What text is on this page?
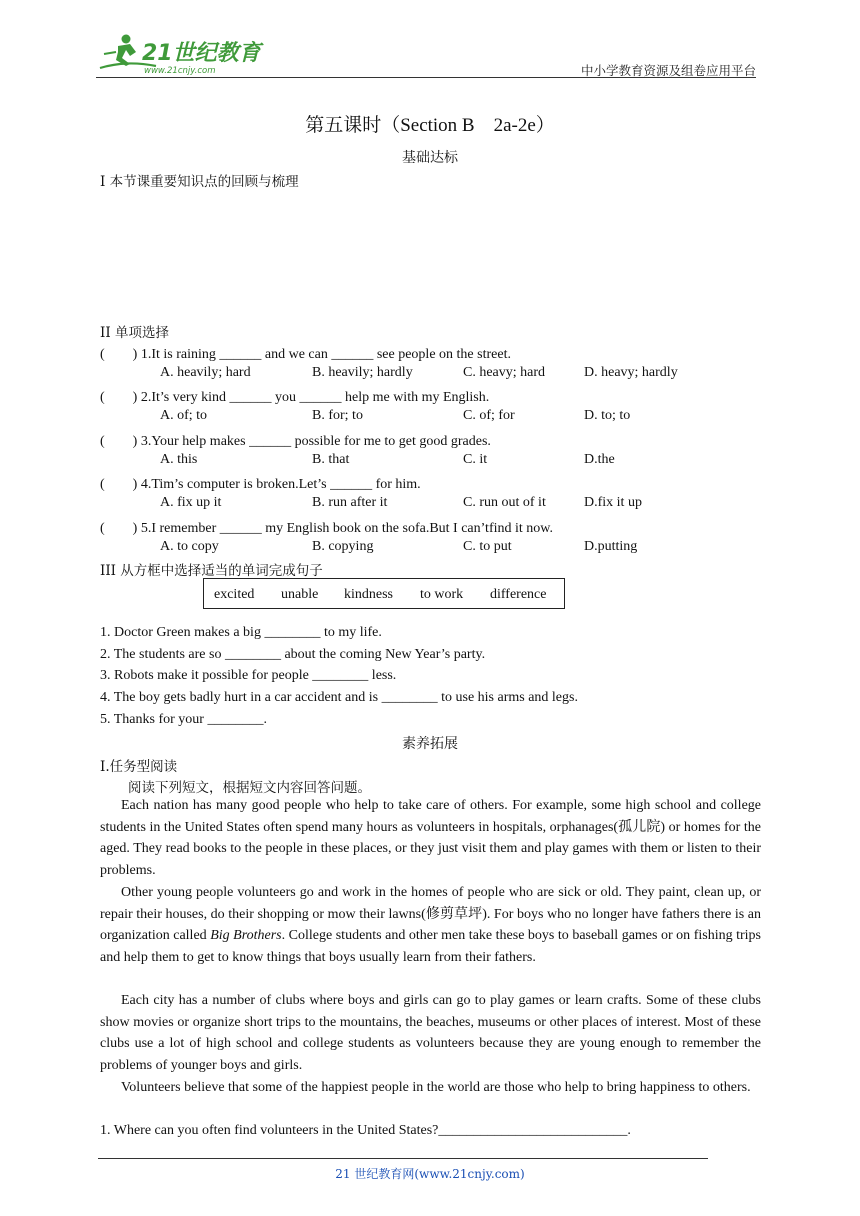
21世纪教育
www.21cnjy.com	中小学教育资源及组卷应用平台
第五课时（Section B　2a-2e）
基础达标
I 本节课重要知识点的回顾与梳理
II 单项选择
(　　) 1.It is raining ______ and we can ______ see people on the street.
A. heavily; hard	B. heavily; hardly	C. heavy; hard	D. heavy; hardly
(　　) 2.It’s very kind ______ you ______ help me with my English.
A. of; to	B. for; to	C. of; for	D. to; to
(　　) 3.Your help makes ______ possible for me to get good grades.
A. this	B. that	C. it	D.the
(　　) 4.Tim’s computer is broken.Let’s ______ for him.
A. fix up it	B. run after it	C. run out of it	D.fix it up
(　　) 5.I remember ______ my English book on the sofa.But I can’tfind it now.
A. to copy	B. copying	C. to put	D.putting
III 从方框中选择适当的单词完成句子
excited unable kindness to work difference
1. Doctor Green makes a big ________ to my life.
2. The students are so ________ about the coming New Year’s party.
3. Robots make it possible for people ________ less.
4. The boy gets badly hurt in a car accident and is ________ to use his arms and legs.
5. Thanks for your ________.
素养拓展
I.任务型阅读
阅读下列短文，根据短文内容回答问题。
Each nation has many good people who help to take care of others. For example, some high school and college students in the United States often spend many hours as volunteers in hospitals, orphanages(孤儿院) or homes for the aged. They read books to the people in these places, or they just visit them and play games with them or listen to their problems.
Other young people volunteers go and work in the homes of people who are sick or old. They paint, clean up, or repair their houses, do their shopping or mow their lawns(修剪草坪). For boys who no longer have fathers there is an organization called Big Brothers. College students and other men take these boys to baseball games or on fishing trips and help them to get to know things that boys usually learn from their fathers.
Each city has a number of clubs where boys and girls can go to play games or learn crafts. Some of these clubs show movies or organize short trips to the mountains, the beaches, museums or other places of interest. Most of these clubs use a lot of high school and college students as volunteers because they are young enough to remember the problems of younger boys and girls.
Volunteers believe that some of the happiest people in the world are those who help to bring happiness to others.
1. Where can you often find volunteers in the United States?___________________________.
21 世纪教育网(www.21cnjy.com)
